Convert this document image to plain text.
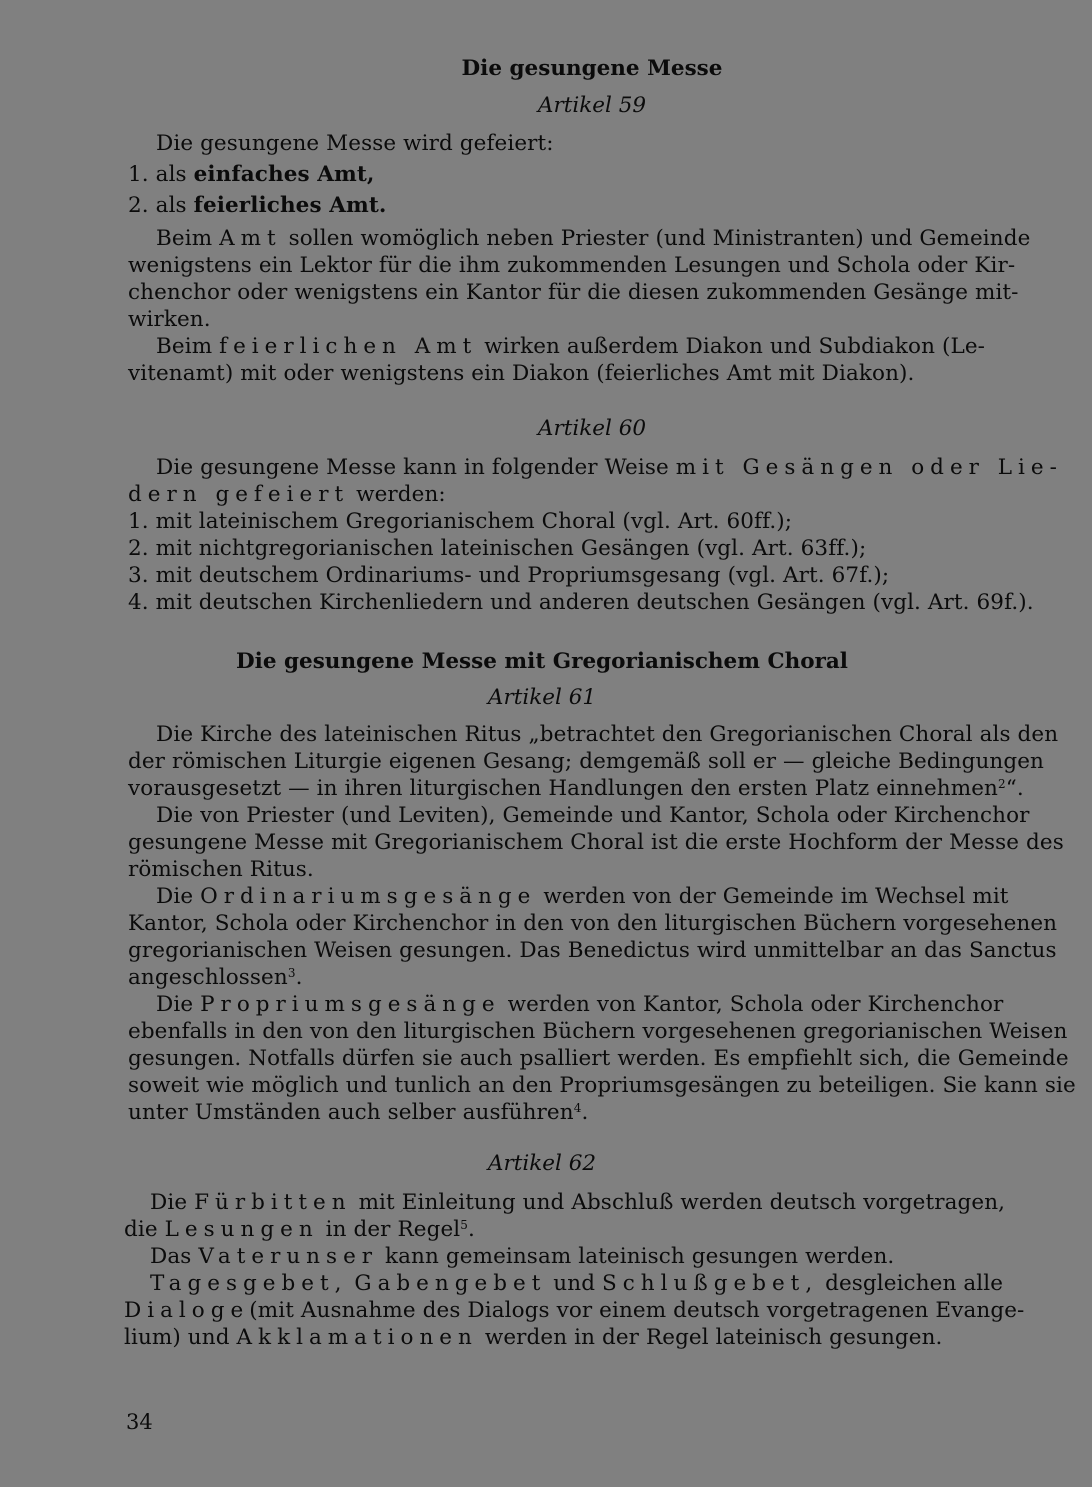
Die gesungene Messe
Artikel 59
Die gesungene Messe wird gefeiert:
1. als einfaches Amt,
2. als feierliches Amt.
Beim Amt sollen womöglich neben Priester (und Ministranten) und Gemeinde
wenigstens ein Lektor für die ihm zukommenden Lesungen und Schola oder Kir-
chenchor oder wenigstens ein Kantor für die diesen zukommenden Gesänge mit-
wirken.
Beim feierlichen Amt wirken außerdem Diakon und Subdiakon (Le-
vitenamt) mit oder wenigstens ein Diakon (feierliches Amt mit Diakon).
Artikel 60
Die gesungene Messe kann in folgender Weise mit Gesängen oder Lie-
dern gefeiert werden:
1. mit lateinischem Gregorianischem Choral (vgl. Art. 60ff.);
2. mit nichtgregorianischen lateinischen Gesängen (vgl. Art. 63ff.);
3. mit deutschem Ordinariums- und Propriumsgesang (vgl. Art. 67f.);
4. mit deutschen Kirchenliedern und anderen deutschen Gesängen (vgl. Art. 69f.).
Die gesungene Messe mit Gregorianischem Choral
Artikel 61
Die Kirche des lateinischen Ritus „betrachtet den Gregorianischen Choral als den
der römischen Liturgie eigenen Gesang; demgemäß soll er — gleiche Bedingungen
vorausgesetzt — in ihren liturgischen Handlungen den ersten Platz einnehmen$^2$“.
Die von Priester (und Leviten), Gemeinde und Kantor, Schola oder Kirchenchor
gesungene Messe mit Gregorianischem Choral ist die erste Hochform der Messe des
römischen Ritus.
Die Ordinariumsgesänge werden von der Gemeinde im Wechsel mit
Kantor, Schola oder Kirchenchor in den von den liturgischen Büchern vorgesehenen
gregorianischen Weisen gesungen. Das Benedictus wird unmittelbar an das Sanctus
angeschlossen$^3$.
Die Propriumsgesänge werden von Kantor, Schola oder Kirchenchor
ebenfalls in den von den liturgischen Büchern vorgesehenen gregorianischen Weisen
gesungen. Notfalls dürfen sie auch psalliert werden. Es empfiehlt sich, die Gemeinde
soweit wie möglich und tunlich an den Propriumsgesängen zu beteiligen. Sie kann sie
unter Umständen auch selber ausführen$^4$.
Artikel 62
Die Fürbitten mit Einleitung und Abschluß werden deutsch vorgetragen,
die Lesungen in der Regel$^5$.
Das Vaterunser kann gemeinsam lateinisch gesungen werden.
Tagesgebet, Gabengebet und Schlußgebet, desgleichen alle
Dialoge(mit Ausnahme des Dialogs vor einem deutsch vorgetragenen Evange-
lium) und Akklamationen werden in der Regel lateinisch gesungen.
34
